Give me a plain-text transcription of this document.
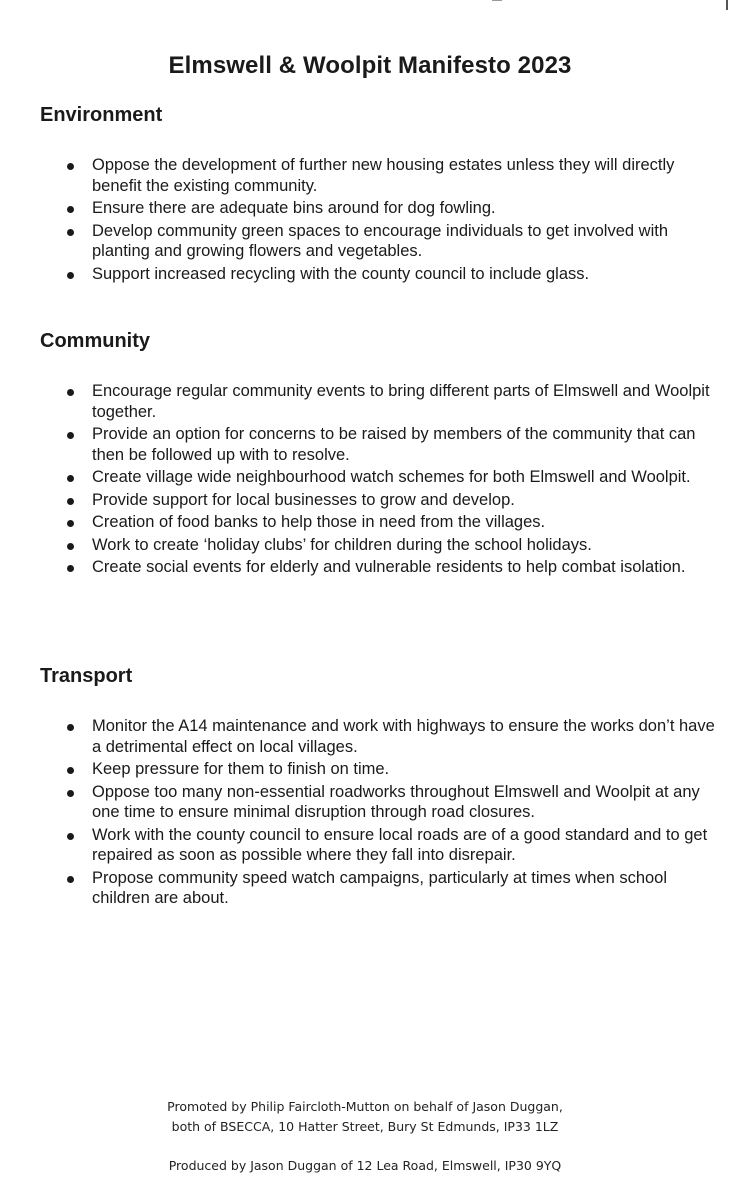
Elmswell & Woolpit Manifesto 2023
Environment
Oppose the development of further new housing estates unless they will directly benefit the existing community.
Ensure there are adequate bins around for dog fowling.
Develop community green spaces to encourage individuals to get involved with planting and growing flowers and vegetables.
Support increased recycling with the county council to include glass.
Community
Encourage regular community events to bring different parts of Elmswell and Woolpit together.
Provide an option for concerns to be raised by members of the community that can then be followed up with to resolve.
Create village wide neighbourhood watch schemes for both Elmswell and Woolpit.
Provide support for local businesses to grow and develop.
Creation of food banks to help those in need from the villages.
Work to create ‘holiday clubs’ for children during the school holidays.
Create social events for elderly and vulnerable residents to help combat isolation.
Transport
Monitor the A14 maintenance and work with highways to ensure the works don’t have a detrimental effect on local villages.
Keep pressure for them to finish on time.
Oppose too many non-essential roadworks throughout Elmswell and Woolpit at any one time to ensure minimal disruption through road closures.
Work with the county council to ensure local roads are of a good standard and to get repaired as soon as possible where they fall into disrepair.
Propose community speed watch campaigns, particularly at times when school children are about.
Promoted by Philip Faircloth-Mutton on behalf of Jason Duggan,
both of BSECCA, 10 Hatter Street, Bury St Edmunds, IP33 1LZ
Produced by Jason Duggan of 12 Lea Road, Elmswell, IP30 9YQ
